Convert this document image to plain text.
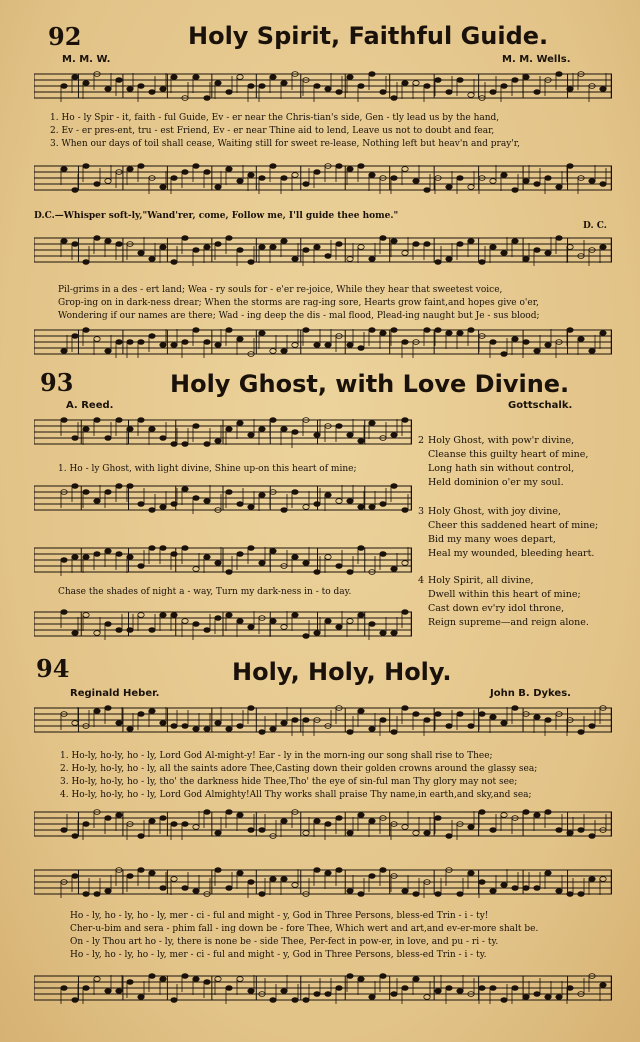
92	Holy Spirit, Faithful Guide.
M. M. W.	M. M. Wells.
1. Ho - ly Spir - it, faith - ful Guide, Ev - er near the Chris-tian's side, Gen - tly lead us by the hand,
2. Ev - er pres-ent, tru - est Friend, Ev - er near Thine aid to lend, Leave us not to doubt and fear,
3. When our days of toil shall cease, Waiting still for sweet re-lease, Nothing left but heav'n and pray'r,
D.C.—Whisper soft-ly,"Wand'rer, come, Follow me, I'll guide thee home."
D. C.
Pil-grims in a des - ert land; Wea - ry souls for - e'er re-joice, While they hear that sweetest voice,
Grop-ing on in dark-ness drear; When the storms are rag-ing sore, Hearts grow faint,and hopes give o'er,
Wondering if our names are there; Wad - ing deep the dis - mal flood, Plead-ing naught but Je - sus blood;
93	Holy Ghost, with Love Divine.
A. Reed.	Gottschalk.
1. Ho - ly Ghost, with light divine, Shine up-on this heart of mine;
Chase the shades of night a - way, Turn my dark-ness in - to day.
2 Holy Ghost, with pow'r divine,
Cleanse this guilty heart of mine,
Long hath sin without control,
Held dominion o'er my soul.
3 Holy Ghost, with joy divine,
Cheer this saddened heart of mine;
Bid my many woes depart,
Heal my wounded, bleeding heart.
4 Holy Spirit, all divine,
Dwell within this heart of mine;
Cast down ev'ry idol throne,
Reign supreme—and reign alone.
94	Holy, Holy, Holy.
Reginald Heber.	John B. Dykes.
1. Ho-ly, ho-ly, ho - ly, Lord God Al-might-y! Ear - ly in the morn-ing our song shall rise to Thee;
2. Ho-ly, ho-ly, ho - ly, all the saints adore Thee,Casting down their golden crowns around the glassy sea;
3. Ho-ly, ho-ly, ho - ly, tho' the darkness hide Thee,Tho' the eye of sin-ful man Thy glory may not see;
4. Ho-ly, ho-ly, ho - ly, Lord God Almighty!All Thy works shall praise Thy name,in earth,and sky,and sea;
Ho - ly, ho - ly, ho - ly, mer - ci - ful and might - y, God in Three Persons, bless-ed Trin - i - ty!
Cher-u-bim and sera - phim fall - ing down be - fore Thee, Which wert and art,and ev-er-more shalt be.
On - ly Thou art ho - ly, there is none be - side Thee, Per-fect in pow-er, in love, and pu - ri - ty.
Ho - ly, ho - ly, ho - ly, mer - ci - ful and might - y, God in Three Persons, bless-ed Trin - i - ty.
